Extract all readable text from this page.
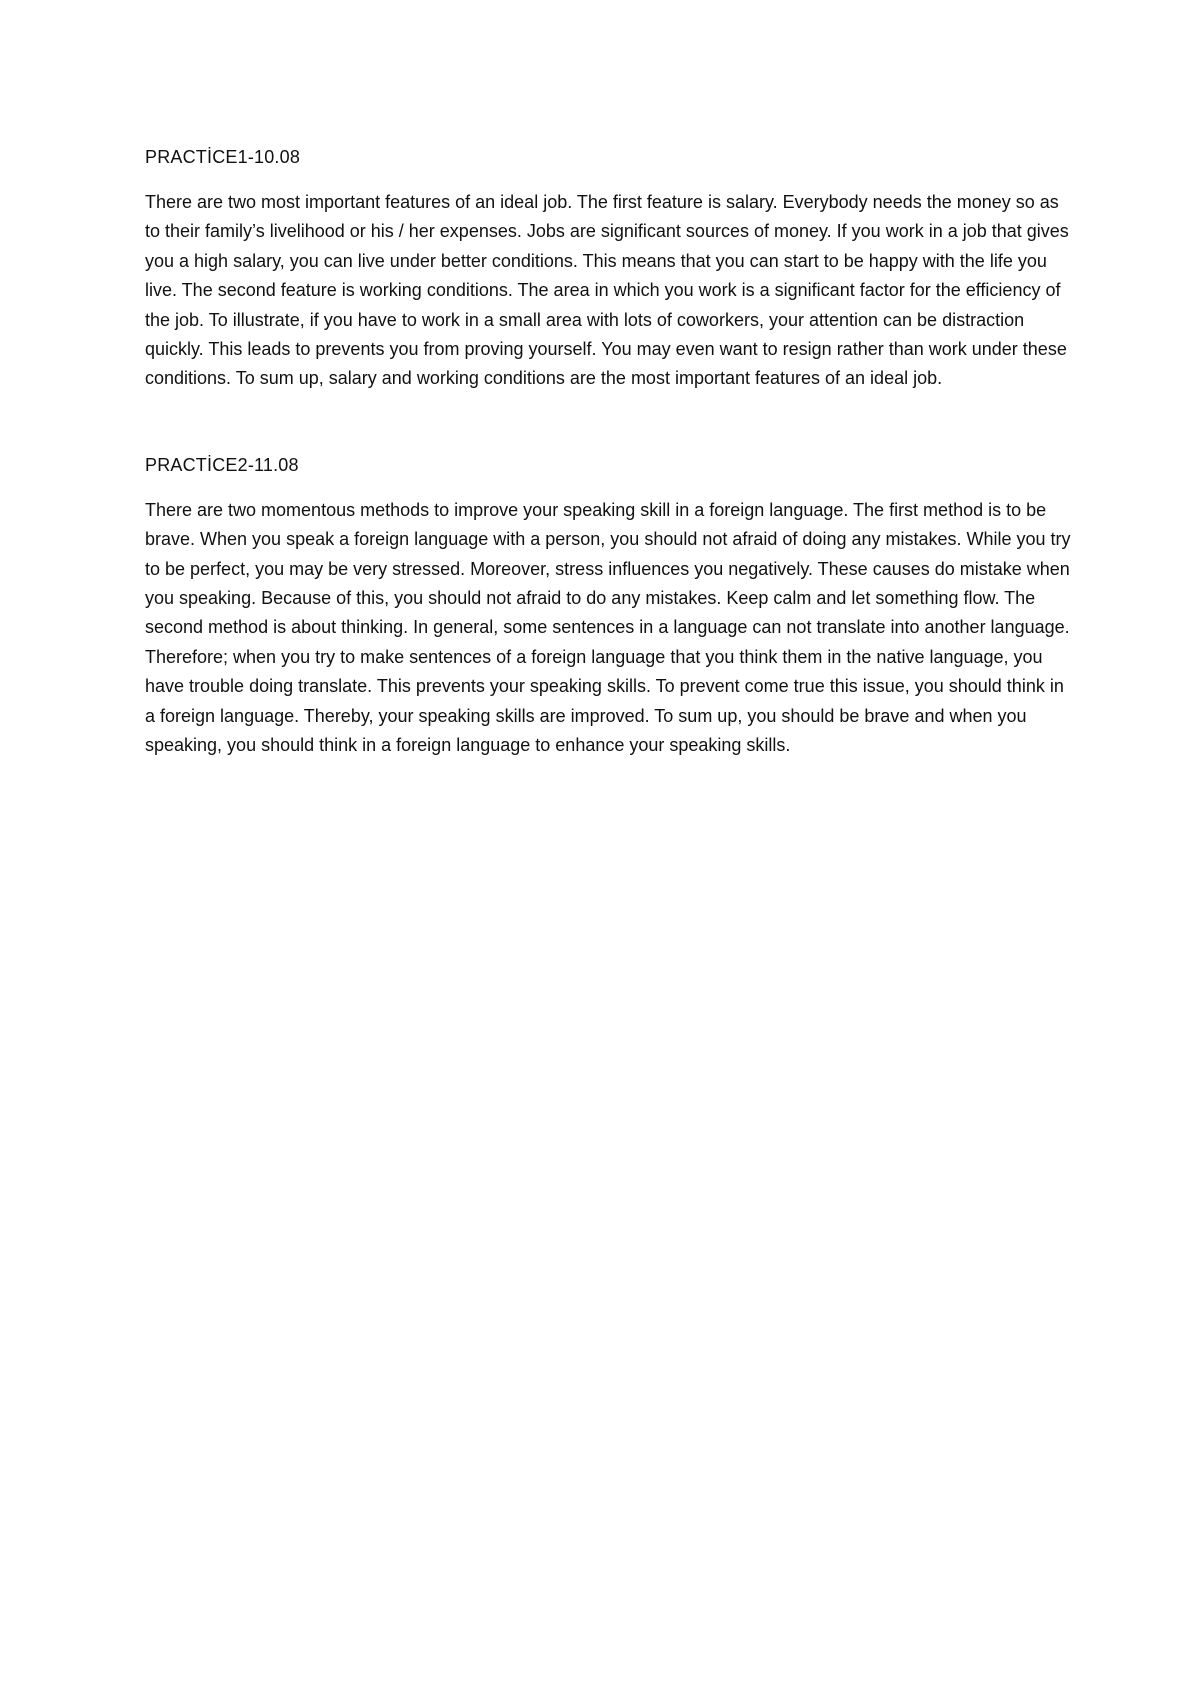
PRACTİCE1-10.08

There are two most important features of an ideal job. The first feature is salary. Everybody needs the money so as to their family’s livelihood or his / her expenses. Jobs are significant sources of money. If you work in a job that gives you a high salary, you can live under better conditions. This means that you can start to be happy with the life you live. The second feature is working conditions. The area in which you work is a significant factor for the efficiency of the job. To illustrate, if you have to work in a small area with lots of coworkers, your attention can be distraction quickly. This leads to prevents you from proving yourself. You may even want to resign rather than work under these conditions. To sum up, salary and working conditions are the most important features of an ideal job.

PRACTİCE2-11.08

There are two momentous methods to improve your speaking skill in a foreign language. The first method is to be brave. When you speak a foreign language with a person, you should not afraid of doing any mistakes. While you try to be perfect, you may be very stressed. Moreover, stress influences you negatively. These causes do mistake when you speaking. Because of this, you should not afraid to do any mistakes. Keep calm and let something flow. The second method is about thinking. In general, some sentences in a language can not translate into another language. Therefore; when you try to make sentences of a foreign language that you think them in the native language, you have trouble doing translate. This prevents your speaking skills. To prevent come true this issue, you should think in a foreign language. Thereby, your speaking skills are improved. To sum up, you should be brave and when you speaking, you should think in a foreign language to enhance your speaking skills.
